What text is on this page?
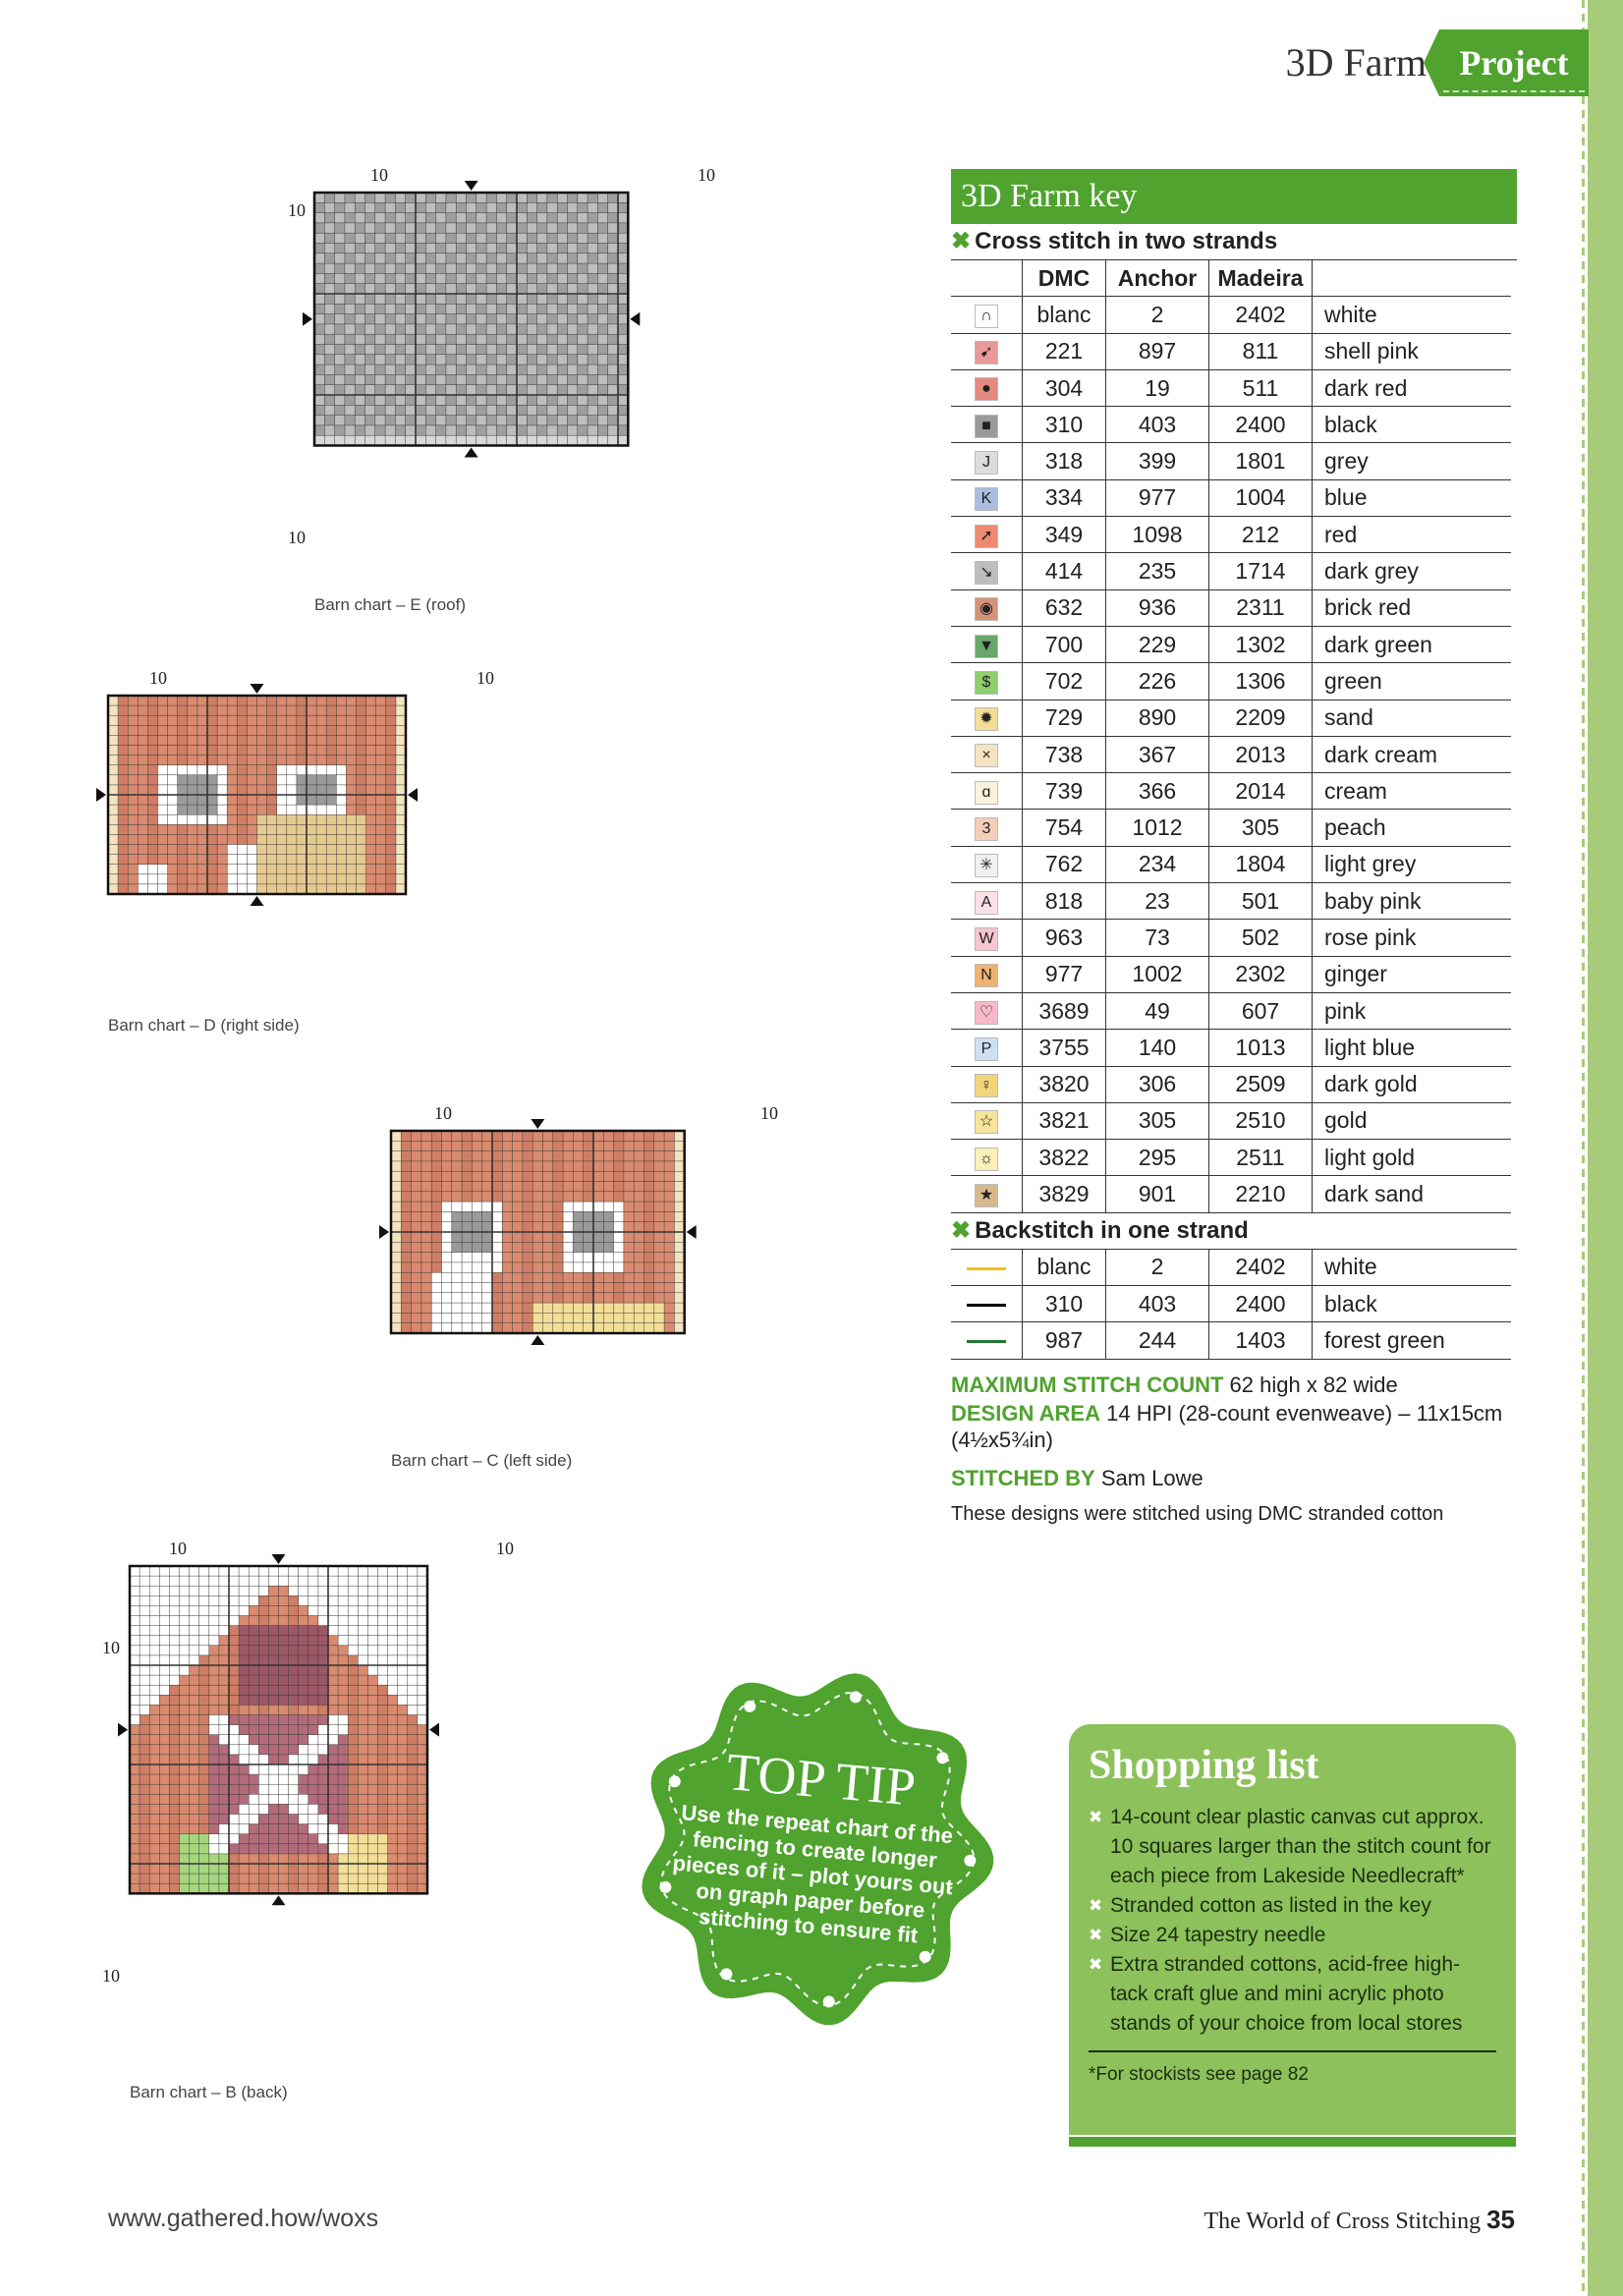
3D Farm Project
10	10
10
10
Barn chart – E (roof)
10	10
Barn chart – D (right side)
10	10
Barn chart – C (left side)
10	10
10
10
Barn chart – B (back)
3D Farm key
✖ Cross stitch in two strands
	DMC	Anchor	Madeira	
∩	blanc	2	2402	white
➹	221	897	811	shell pink
●	304	19	511	dark red
■	310	403	2400	black
J	318	399	1801	grey
K	334	977	1004	blue
➚	349	1098	212	red
↘	414	235	1714	dark grey
◉	632	936	2311	brick red
▼	700	229	1302	dark green
$	702	226	1306	green
✹	729	890	2209	sand
×	738	367	2013	dark cream
ɑ	739	366	2014	cream
3	754	1012	305	peach
✳	762	234	1804	light grey
A	818	23	501	baby pink
W	963	73	502	rose pink
N	977	1002	2302	ginger
♡	3689	49	607	pink
P	3755	140	1013	light blue
♀	3820	306	2509	dark gold
☆	3821	305	2510	gold
☼	3822	295	2511	light gold
★	3829	901	2210	dark sand
✖ Backstitch in one strand
	blanc	2	2402	white
	310	403	2400	black
	987	244	1403	forest green
MAXIMUM STITCH COUNT 62 high x 82 wide
DESIGN AREA 14 HPI (28-count evenweave) – 11x15cm (4½x5¾in)
STITCHED BY Sam Lowe
These designs were stitched using DMC stranded cotton
TOP TIP
Use the repeat chart of the fencing to create longer pieces of it – plot yours out on graph paper before stitching to ensure fit
Shopping list
✖ 14-count clear plastic canvas cut approx. 10 squares larger than the stitch count for each piece from Lakeside Needlecraft*
✖ Stranded cotton as listed in the key
✖ Size 24 tapestry needle
✖ Extra stranded cottons, acid-free high-tack craft glue and mini acrylic photo stands of your choice from local stores
*For stockists see page 82
www.gathered.how/woxs	The World of Cross Stitching 35
